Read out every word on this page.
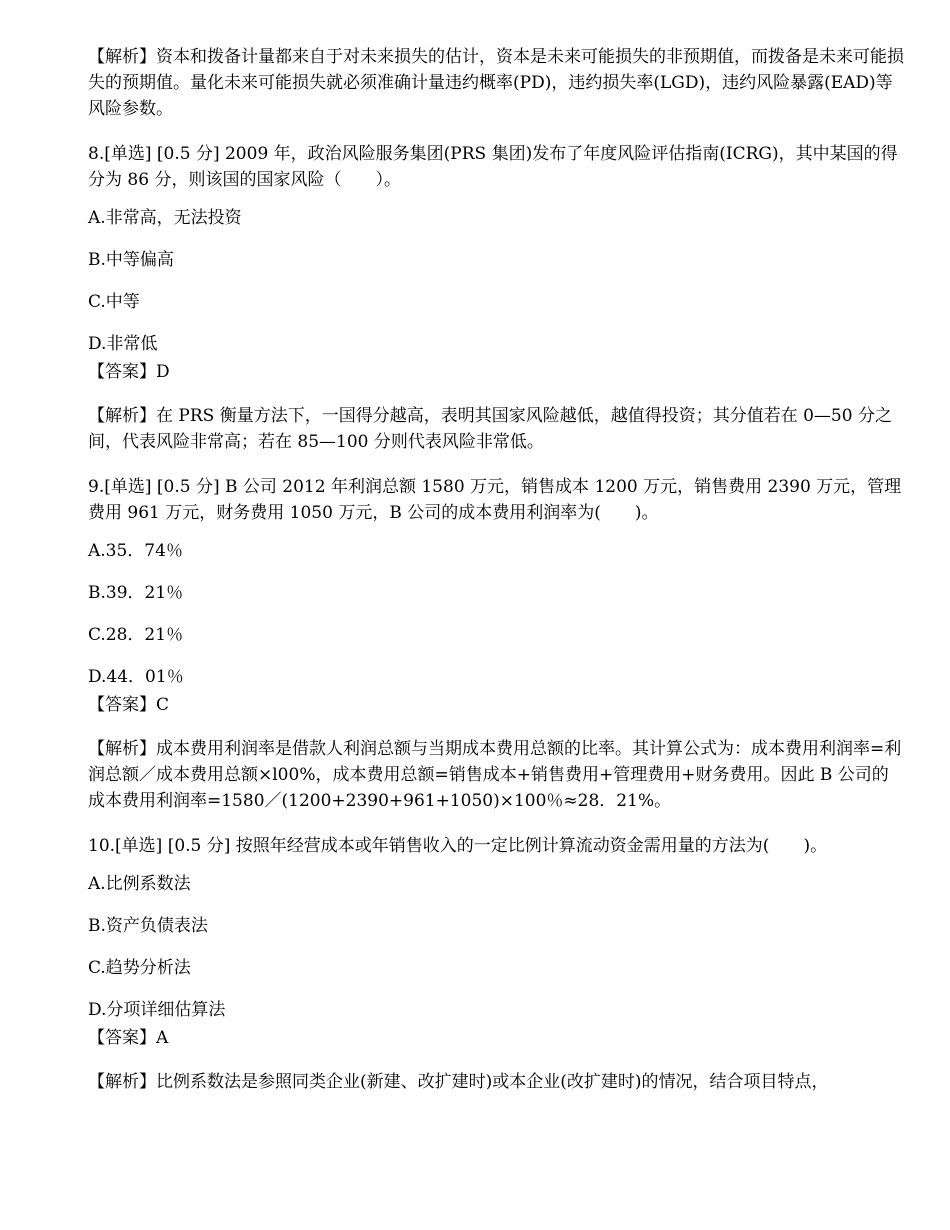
【解析】资本和拨备计量都来自于对未来损失的估计，资本是未来可能损失的非预期值，而拨备是未来可能损失的预期值。量化未来可能损失就必须准确计量违约概率(PD)，违约损失率(LGD)，违约风险暴露(EAD)等风险参数。

8.[单选] [0.5 分] 2009 年，政治风险服务集团(PRS 集团)发布了年度风险评估指南(ICRG)，其中某国的得分为 86 分，则该国的国家风险（　　）。

A.非常高，无法投资

B.中等偏高

C.中等

D.非常低

【答案】D

【解析】在 PRS 衡量方法下，一国得分越高，表明其国家风险越低，越值得投资；其分值若在 0—50 分之间，代表风险非常高；若在 85—100 分则代表风险非常低。

9.[单选] [0.5 分] B 公司 2012 年利润总额 1580 万元，销售成本 1200 万元，销售费用 2390 万元，管理费用 961 万元，财务费用 1050 万元，B 公司的成本费用利润率为(　　)。

A.35．74％

B.39．21％

C.28．21％

D.44．01％

【答案】C

【解析】成本费用利润率是借款人利润总额与当期成本费用总额的比率。其计算公式为：成本费用利润率=利润总额／成本费用总额×l00%，成本费用总额=销售成本+销售费用+管理费用+财务费用。因此 B 公司的成本费用利润率=1580／(1200+2390+961+1050)×100％≈28．21%。

10.[单选] [0.5 分] 按照年经营成本或年销售收入的一定比例计算流动资金需用量的方法为(　　)。

A.比例系数法

B.资产负债表法

C.趋势分析法

D.分项详细估算法

【答案】A

【解析】比例系数法是参照同类企业(新建、改扩建时)或本企业(改扩建时)的情况，结合项目特点，
